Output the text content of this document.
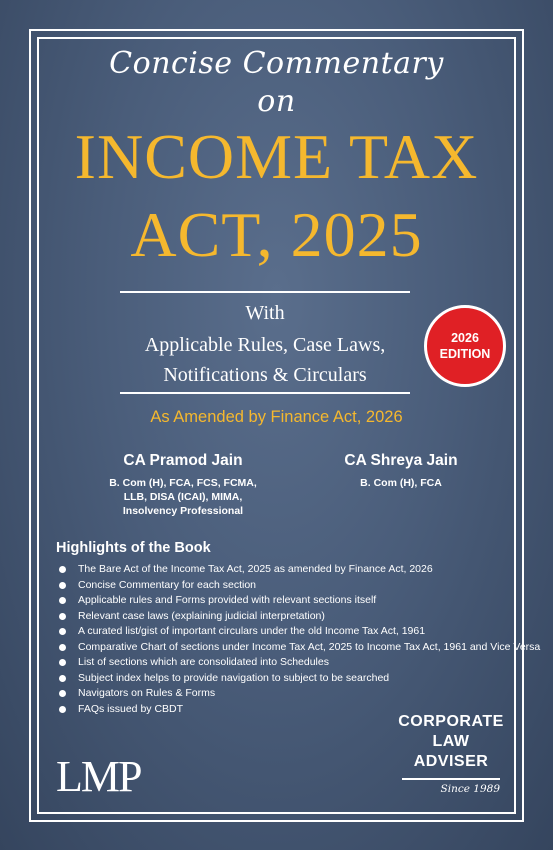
Concise Commentary
on
INCOME TAX
ACT, 2025
With
Applicable Rules, Case Laws,
Notifications & Circulars
2026
EDITION
As Amended by Finance Act, 2026
CA Pramod Jain
B. Com (H), FCA, FCS, FCMA,
LLB, DISA (ICAI), MIMA,
Insolvency Professional
CA Shreya Jain
B. Com (H), FCA
Highlights of the Book
The Bare Act of the Income Tax Act, 2025 as amended by Finance Act, 2026
Concise Commentary for each section
Applicable rules and Forms provided with relevant sections itself
Relevant case laws (explaining judicial interpretation)
A curated list/gist of important circulars under the old Income Tax Act, 1961
Comparative Chart of sections under Income Tax Act, 2025 to Income Tax Act, 1961 and Vice Versa
List of sections which are consolidated into Schedules
Subject index helps to provide navigation to subject to be searched
Navigators on Rules & Forms
FAQs issued by CBDT
LMP
CORPORATE
LAW
ADVISER
Since 1989
